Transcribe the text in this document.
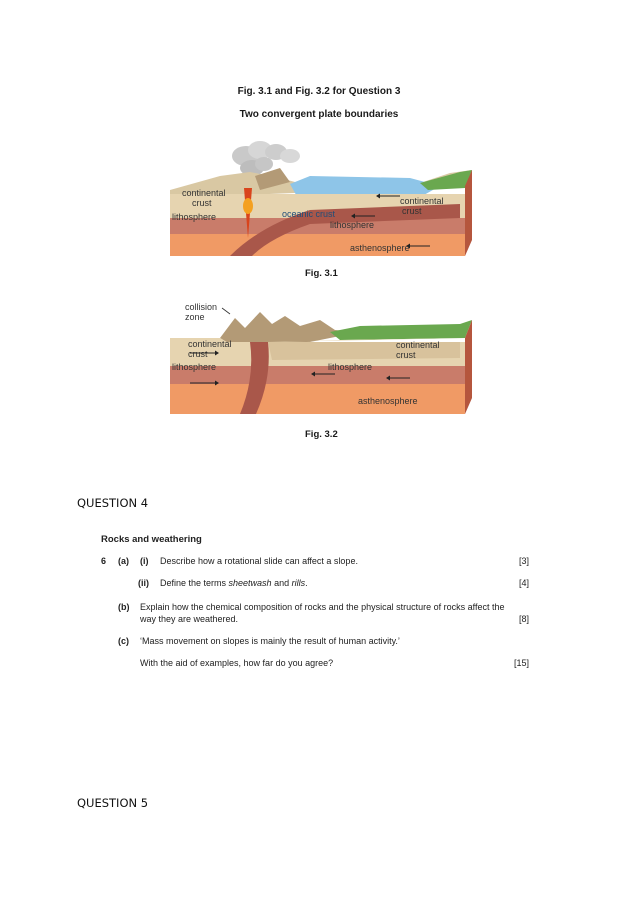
Fig. 3.1 and Fig. 3.2 for Question 3
Two convergent plate boundaries
continental crust
lithosphere	oceanic crust
lithosphere
asthenosphere
continental crust
Fig. 3.1
collision zone
continental crust
lithosphere	lithosphere
continental crust
asthenosphere
Fig. 3.2
QUESTION 4
Rocks and weathering
6 (a) (i) Describe how a rotational slide can affect a slope.	[3]
(ii) Define the terms sheetwash and rills.	[4]
(b) Explain how the chemical composition of rocks and the physical structure of rocks affect the
way they are weathered.	[8]
(c) ‘Mass movement on slopes is mainly the result of human activity.’
With the aid of examples, how far do you agree?	[15]
QUESTION 5
